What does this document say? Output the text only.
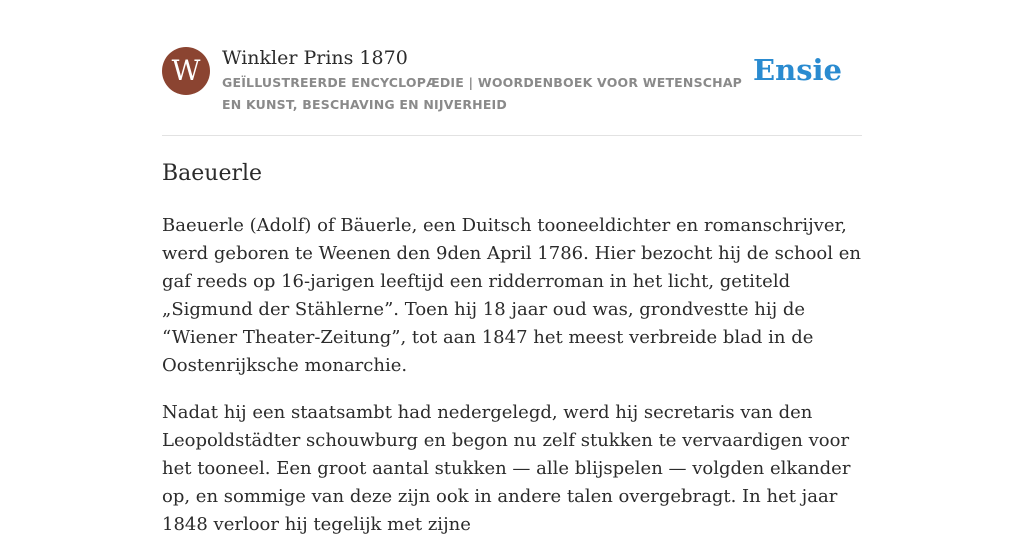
W	Winkler Prins 1870

GEÏLLUSTREERDE ENCYCLOPÆDIE | WOORDENBOEK VOOR WETENSCHAP EN KUNST, BESCHAVING EN NIJVERHEID

Ensie
Baeuerle

Baeuerle (Adolf) of Bäuerle, een Duitsch tooneeldichter en romanschrijver, werd geboren te Weenen den 9den April 1786. Hier bezocht hij de school en gaf reeds op 16-jarigen leeftijd een ridderroman in het licht, getiteld „Sigmund der Stählerne”. Toen hij 18 jaar oud was, grondvestte hij de “Wiener Theater-Zeitung”, tot aan 1847 het meest verbreide blad in de Oostenrijksche monarchie.

Nadat hij een staatsambt had nedergelegd, werd hij secretaris van den Leopoldstädter schouwburg en begon nu zelf stukken te vervaardigen voor het tooneel. Een groot aantal stukken — alle blijspelen — volgden elkander op, en sommige van deze zijn ook in andere talen overgebragt. In het jaar 1848 verloor hij tegelijk met zijne
